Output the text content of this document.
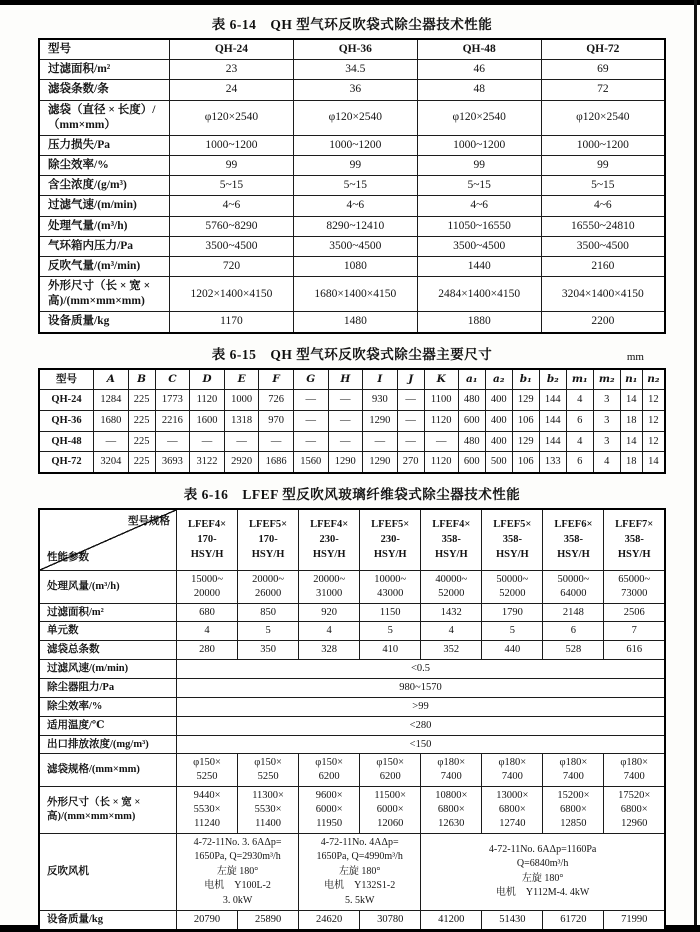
表 6-14　QH 型气环反吹袋式除尘器技术性能
型号	QH-24	QH-36	QH-48	QH-72
过滤面积/m²	23	34.5	46	69
滤袋条数/条	24	36	48	72
滤袋（直径 × 长度）/
（mm×mm）	φ120×2540	φ120×2540	φ120×2540	φ120×2540
压力损失/Pa	1000~1200	1000~1200	1000~1200	1000~1200
除尘效率/%	99	99	99	99
含尘浓度/(g/m³)	5~15	5~15	5~15	5~15
过滤气速/(m/min)	4~6	4~6	4~6	4~6
处理气量/(m³/h)	5760~8290	8290~12410	11050~16550	16550~24810
气环箱内压力/Pa	3500~4500	3500~4500	3500~4500	3500~4500
反吹气量/(m³/min)	720	1080	1440	2160
外形尺寸（长 × 宽 ×
高)/(mm×mm×mm)	1202×1400×4150	1680×1400×4150	2484×1400×4150	3204×1400×4150
设备质量/kg	1170	1480	1880	2200
表 6-15　QH 型气环反吹袋式除尘器主要尺寸	mm
型号	A	B	C	D	E	F	G	H	I	J	K	a₁	a₂	b₁	b₂	m₁	m₂	n₁	n₂
QH-24	1284	225	1773	1120	1000	726	—	—	930	—	1100	480	400	129	144	4	3	14	12
QH-36	1680	225	2216	1600	1318	970	—	—	1290	—	1120	600	400	106	144	6	3	18	12
QH-48	—	225	—	—	—	—	—	—	—	—	—	480	400	129	144	4	3	14	12
QH-72	3204	225	3693	3122	2920	1686	1560	1290	1290	270	1120	600	500	106	133	6	4	18	14
表 6-16　LFEF 型反吹风玻璃纤维袋式除尘器技术性能
型号规格
性能参数	LFEF4×
170-
HSY/H	LFEF5×
170-
HSY/H	LFEF4×
230-
HSY/H	LFEF5×
230-
HSY/H	LFEF4×
358-
HSY/H	LFEF5×
358-
HSY/H	LFEF6×
358-
HSY/H	LFEF7×
358-
HSY/H
处理风量/(m³/h)	15000~
20000	20000~
26000	20000~
31000	10000~
43000	40000~
52000	50000~
52000	50000~
64000	65000~
73000
过滤面积/m²	680	850	920	1150	1432	1790	2148	2506
单元数	4	5	4	5	4	5	6	7
滤袋总条数	280	350	328	410	352	440	528	616
过滤风速/(m/min)	<0.5							
除尘器阻力/Pa	980~1570							
除尘效率/%	>99							
适用温度/℃	<280							
出口排放浓度/(mg/m³)	<150							
滤袋规格/(mm×mm)	φ150×
5250	φ150×
5250	φ150×
6200	φ150×
6200	φ180×
7400	φ180×
7400	φ180×
7400	φ180×
7400
外形尺寸（长 × 宽 ×
高)/(mm×mm×mm)	9440×
5530×
11240	11300×
5530×
11400	9600×
6000×
11950	11500×
6000×
12060	10800×
6800×
12630	13000×
6800×
12740	15200×
6800×
12850	17520×
6800×
12960
反吹风机	4-72-11No. 3. 6AΔp=
1650Pa, Q=2930m³/h
左旋 180°
电机　Y100L-2
3. 0kW		4-72-11No. 4AΔp=
1650Pa, Q=4990m³/h
左旋 180°
电机　Y132S1-2
5. 5kW		4-72-11No. 6AΔp=1160Pa
Q=6840m³/h
左旋 180°
电机　Y112M-4. 4kW			
设备质量/kg	20790	25890	24620	30780	41200	51430	61720	71990
